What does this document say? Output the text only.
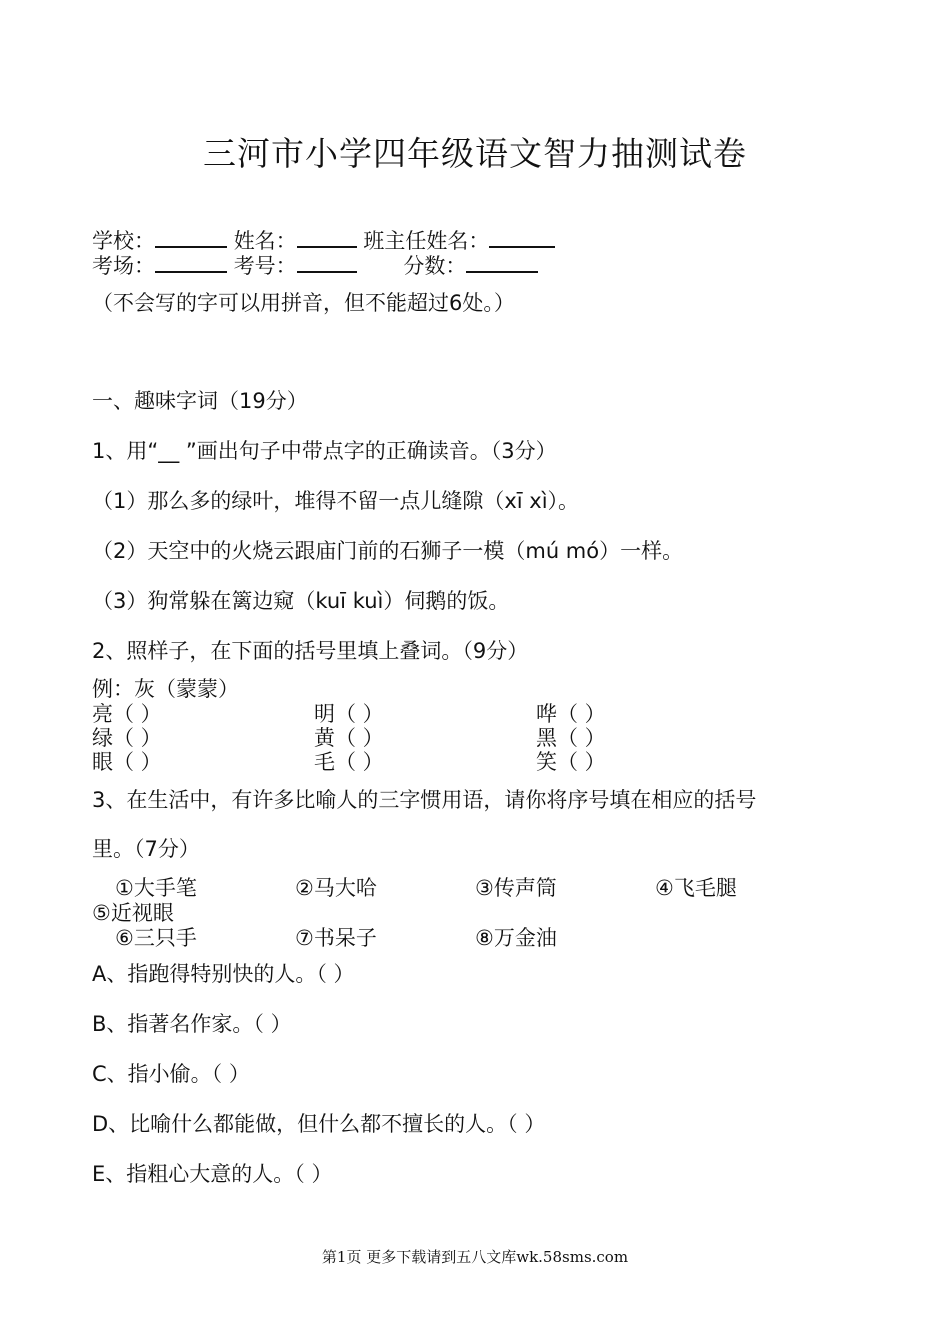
三河市小学四年级语文智力抽测试卷
学校：	姓名：	班主任姓名：
考场：	考号：	分数：
（不会写的字可以用拼音，但不能超过6处。）
一、趣味字词（19分）
1、用“__ ”画出句子中带点字的正确读音。（3分）
（1）那么多的绿叶，堆得不留一点儿缝隙（xī xì）。
（2）天空中的火烧云跟庙门前的石狮子一模（mú mó）一样。
（3）狗常躲在篱边窥（kuī kuì）伺鹅的饭。
2、照样子，在下面的括号里填上叠词。（9分）
例：灰（蒙蒙）
亮（ ）	明（ ）	哗（ ）
绿（ ）	黄（ ）	黑（ ）
眼（ ）	毛（ ）	笑（ ）
3、在生活中，有许多比喻人的三字惯用语，请你将序号填在相应的括号
里。（7分）
①大手笔	②马大哈	③传声筒	④飞毛腿
⑤近视眼
⑥三只手	⑦书呆子	⑧万金油
A、指跑得特别快的人。（ ）
B、指著名作家。（ ）
C、指小偷。（ ）
D、比喻什么都能做，但什么都不擅长的人。（ ）
E、指粗心大意的人。（ ）
第1页 更多下载请到五八文库wk.58sms.com
